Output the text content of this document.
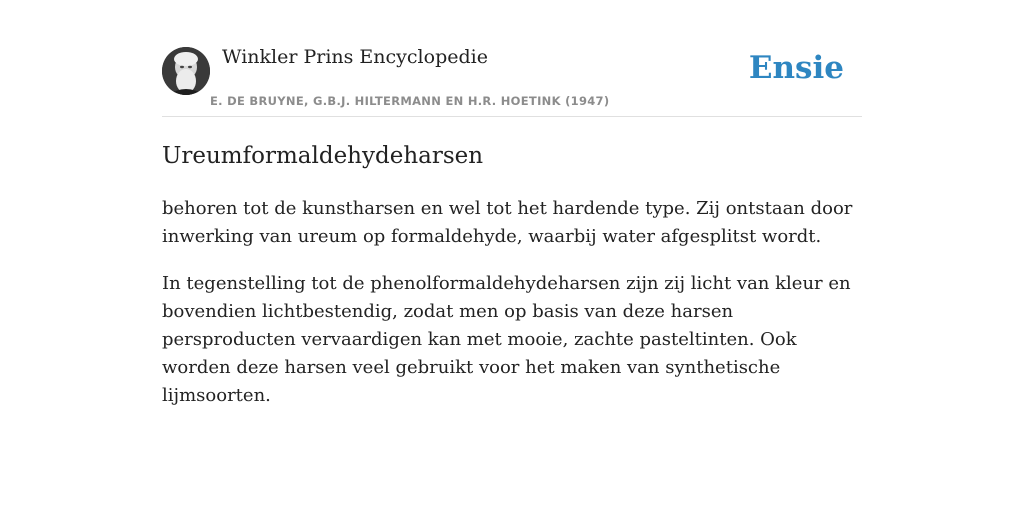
Winkler Prins Encyclopedie
E. DE BRUYNE, G.B.J. HILTERMANN EN H.R. HOETINK (1947)
Ensie
Ureumformaldehydeharsen

behoren tot de kunstharsen en wel tot het hardende type. Zij ontstaan door inwerking van ureum op formaldehyde, waarbij water afgesplitst wordt.

In tegenstelling tot de phenolformaldehydeharsen zijn zij licht van kleur en bovendien lichtbestendig, zodat men op basis van deze harsen persproducten vervaardigen kan met mooie, zachte pasteltinten. Ook worden deze harsen veel gebruikt voor het maken van synthetische lijmsoorten.
